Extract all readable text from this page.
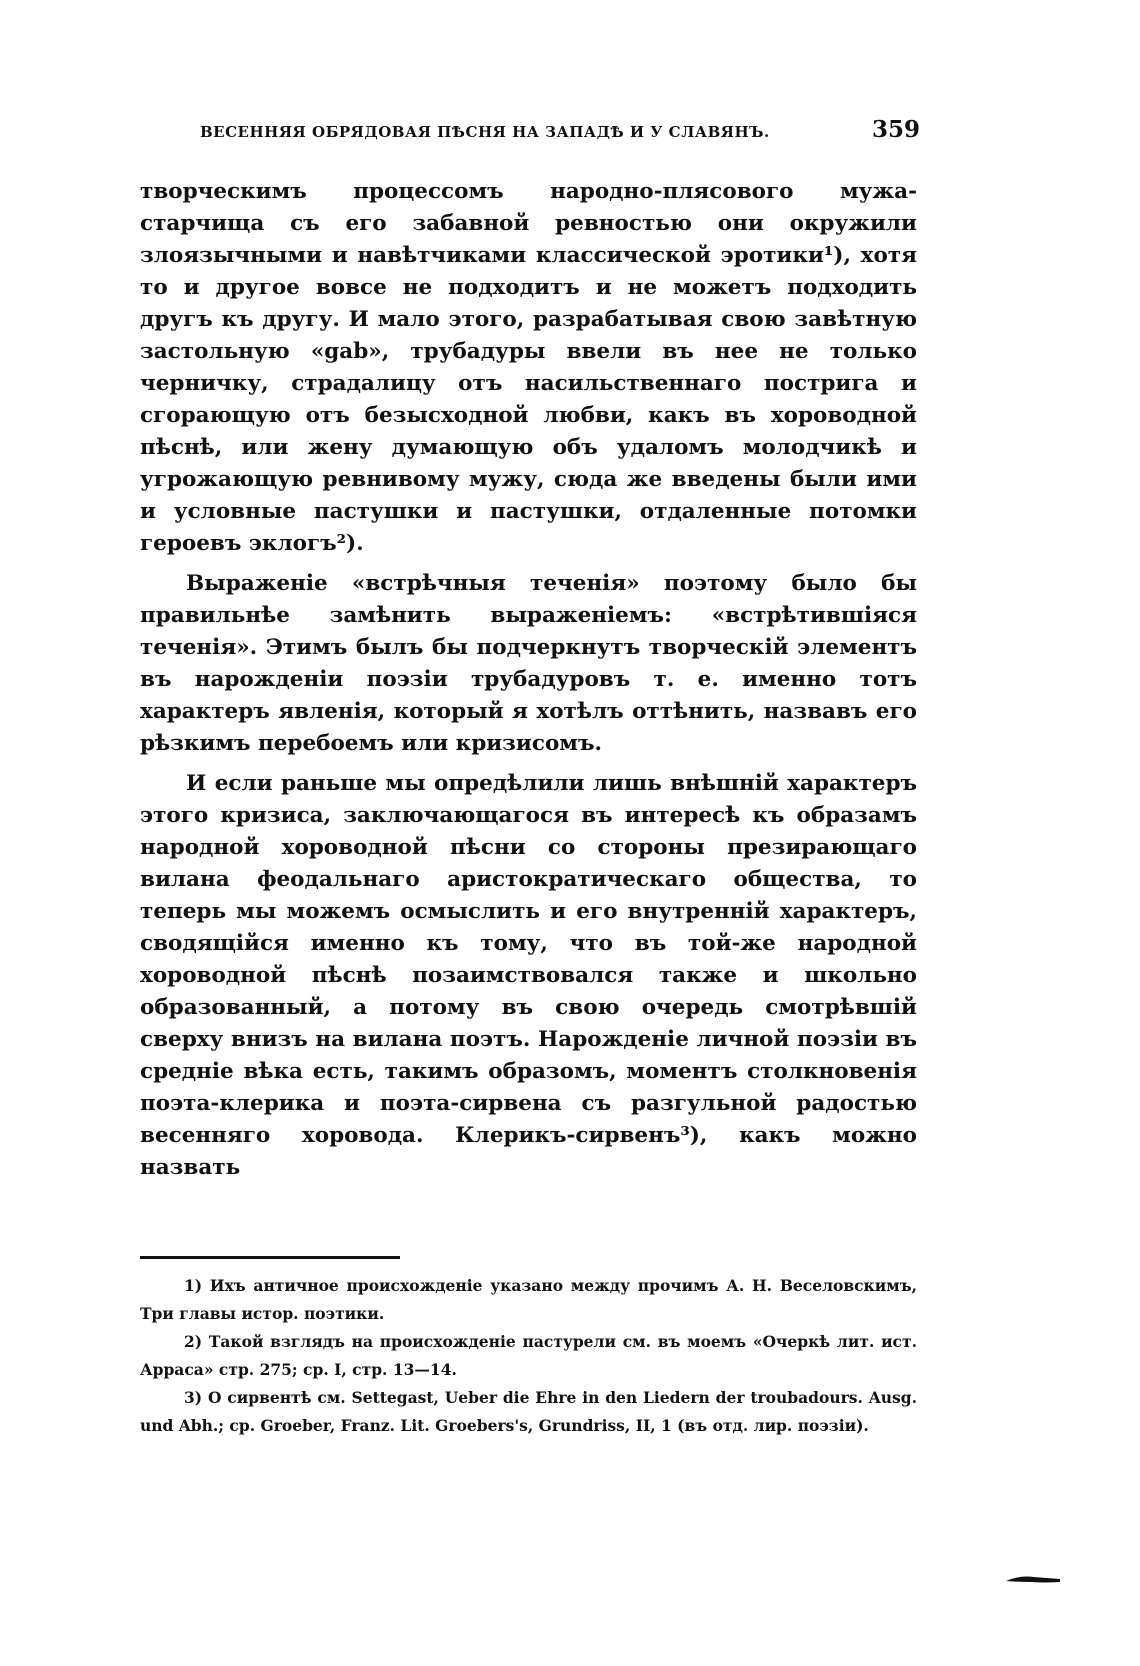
ВЕСЕННЯЯ ОБРЯДОВАЯ ПѢСНЯ НА ЗАПАДѢ И У СЛАВЯНЪ.	359

творческимъ процессомъ народно-плясового мужа-старчища съ его забавной ревностью они окружили злоязычными и навѣтчиками классической эротики¹), хотя то и другое вовсе не подходитъ и не можетъ подходить другъ къ другу. И мало этого, разрабатывая свою завѣтную застольную «gab», трубадуры ввели въ нее не только черничку, страдалицу отъ насильственнаго пострига и сгорающую отъ безысходной любви, какъ въ хороводной пѣснѣ, или жену думающую объ удаломъ молодчикѣ и угрожающую ревнивому мужу, сюда же введены были ими и условные пастушки и пастушки, отдаленные потомки героевъ эклогъ²).

Выраженіе «встрѣчныя теченія» поэтому было бы правильнѣе замѣнить выраженіемъ: «встрѣтившіяся теченія». Этимъ былъ бы подчеркнутъ творческій элементъ въ нарожденіи поэзіи трубадуровъ т. е. именно тотъ характеръ явленія, который я хотѣлъ оттѣнить, назвавъ его рѣзкимъ перебоемъ или кризисомъ.

И если раньше мы опредѣлили лишь внѣшній характеръ этого кризиса, заключающагося въ интересѣ къ образамъ народной хороводной пѣсни со стороны презирающаго вилана феодальнаго аристократическаго общества, то теперь мы можемъ осмыслить и его внутренній характеръ, сводящійся именно къ тому, что въ той-же народной хороводной пѣснѣ позаимствовался также и школьно образованный, а потому въ свою очередь смотрѣвшій сверху внизъ на вилана поэтъ. Нарожденіе личной поэзіи въ средніе вѣка есть, такимъ образомъ, моментъ столкновенія поэта-клерика и поэта-сирвена съ разгульной радостью весенняго хоровода. Клерикъ-сирвенъ³), какъ можно назвать

1) Ихъ античное происхожденіе указано между прочимъ А. Н. Веселовскимъ, Три главы истор. поэтики.

2) Такой взглядъ на происхожденіе пастурели см. въ моемъ «Очеркѣ лит. ист. Арраса» стр. 275; ср. I, стр. 13—14.

3) О сирвентѣ см. Settegast, Ueber die Ehre in den Liedern der troubadours. Ausg. und Abh.; ср. Groeber, Franz. Lit. Groebers's, Grundriss, II, 1 (въ отд. лир. поэзіи).
